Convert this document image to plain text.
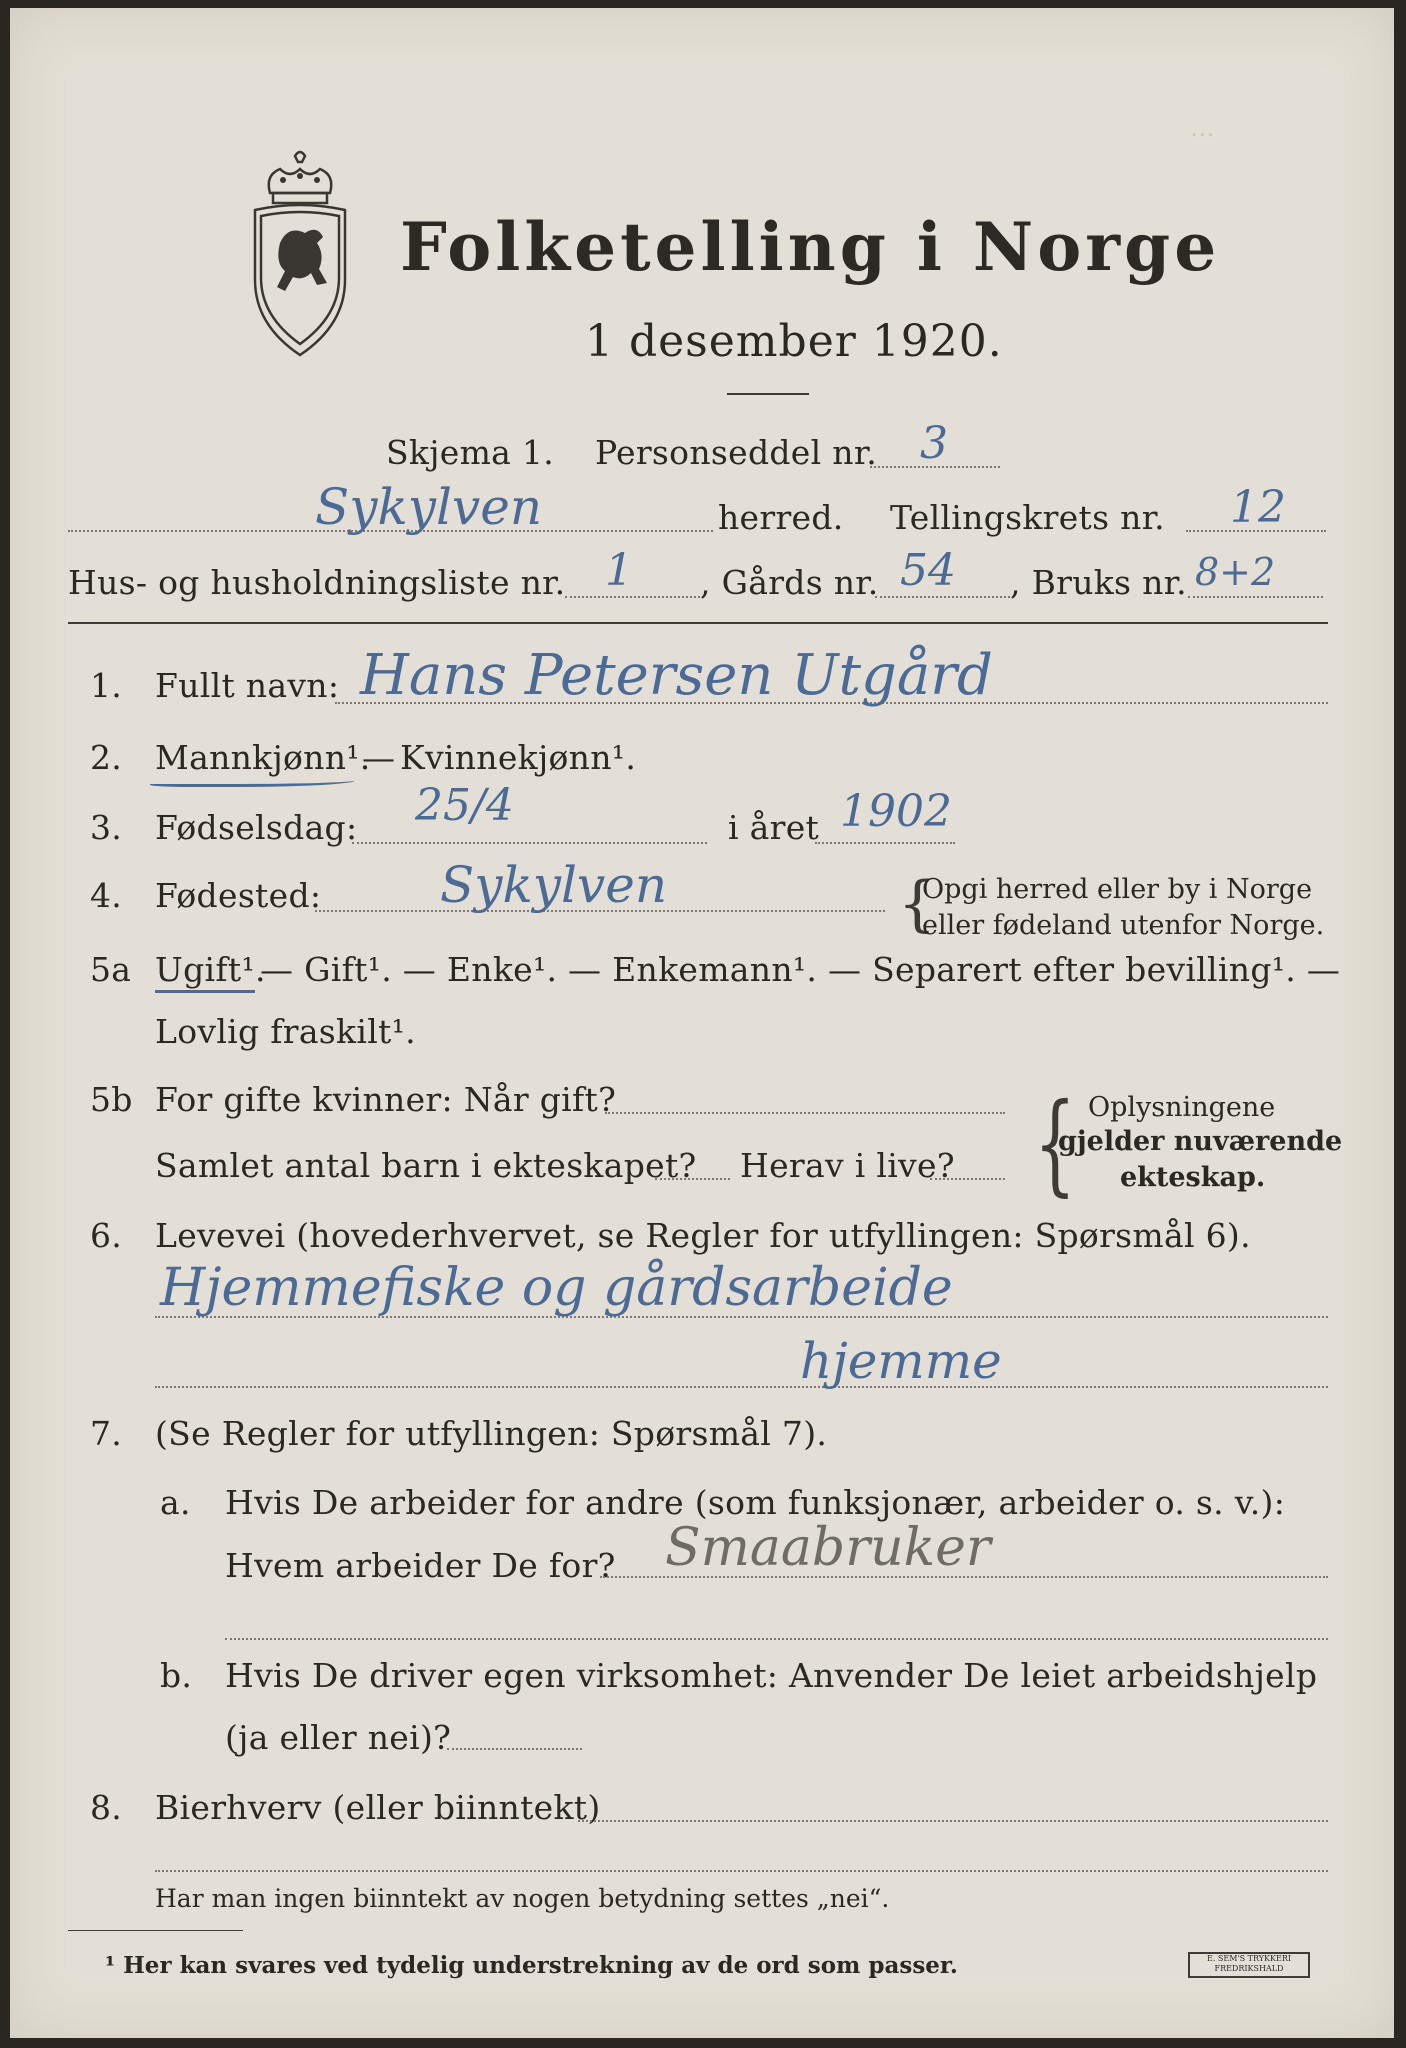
...
Folketelling i Norge
1 desember 1920.
Skjema 1. Personseddel nr. 3
Sykylven	herred. Tellingskrets nr. 12
Hus- og husholdningsliste nr. 1 , Gårds nr. 54 , Bruks nr. 8+2
1. Fullt navn: Hans Petersen Utgård
2. Mannkjønn¹.
— Kvinnekjønn¹.
3. Fødselsdag: 25/4	i året 1902
4. Fødested: Sykylven	{
Opgi herred eller by i Norge
eller fødeland utenfor Norge.
5a Ugift¹.
— Gift¹. — Enke¹. — Enkemann¹. — Separert efter bevilling¹. —
Lovlig fraskilt¹.
5b For gifte kvinner: Når gift?
Samlet antal barn i ekteskapet? Herav i live? { Oplysningene
gjelder nuværende
ekteskap.
6. Levevei (hovederhvervet, se Regler for utfyllingen: Spørsmål 6).
Hjemmefiske og gårdsarbeide
hjemme
7. (Se Regler for utfyllingen: Spørsmål 7).
a. Hvis De arbeider for andre (som funksjonær, arbeider o. s. v.):
Hvem arbeider De for? Smaabruker
b. Hvis De driver egen virksomhet: Anvender De leiet arbeidshjelp
(ja eller nei)?
8. Bierhverv (eller biinntekt)
Har man ingen biinntekt av nogen betydning settes „nei“.
¹ Her kan svares ved tydelig understrekning av de ord som passer.	E. SEM'S TRYKKERI FREDRIKSHALD
